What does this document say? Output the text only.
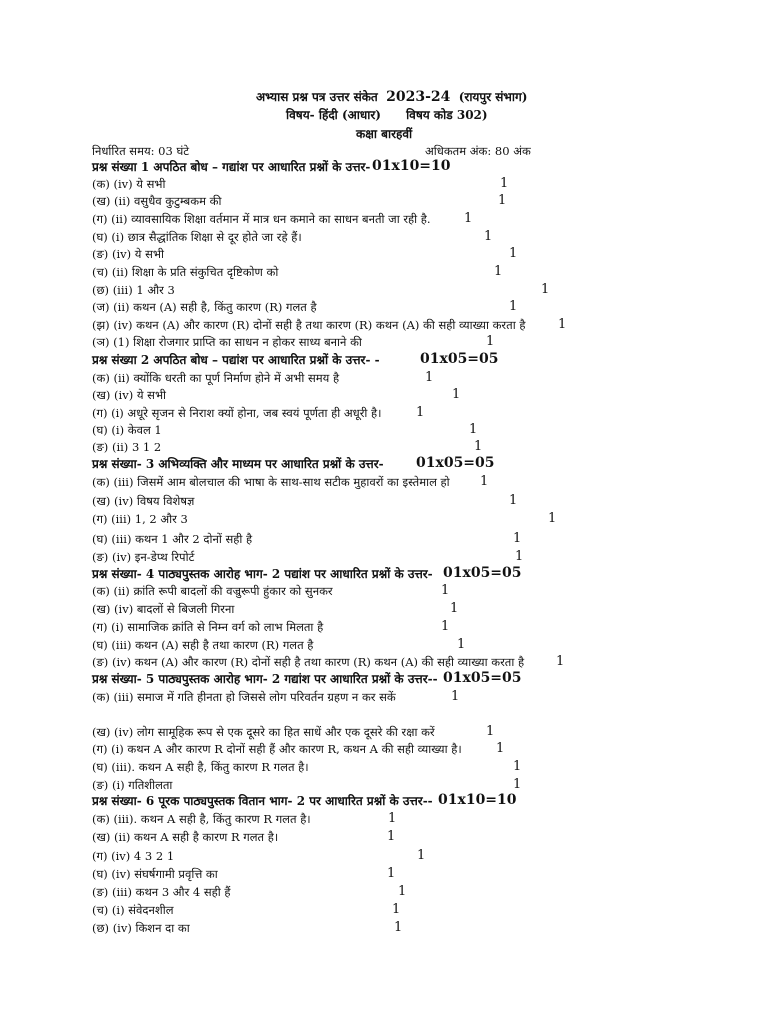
अभ्यास प्रश्न पत्र उत्तर संकेत 2023-24 (रायपुर संभाग)
विषय- हिंदी (आधार) विषय कोड 302)
कक्षा बारहवीं
निर्धारित समय: 03 घंटे	अधिकतम अंक: 80 अंक
प्रश्न संख्या 1 अपठित बोध – गद्यांश पर आधारित प्रश्नों के उत्तर- 01x10=10
(क) (iv) ये सभी	1
(ख) (ii) वसुधैव कुटुम्बकम की	1
(ग) (ii) व्यावसायिक शिक्षा वर्तमान में मात्र धन कमाने का साधन बनती जा रही है.	1
(घ) (i) छात्र सैद्धांतिक शिक्षा से दूर होते जा रहे हैं।	1
(ङ) (iv) ये सभी	1
(च) (ii) शिक्षा के प्रति संकुचित दृष्टिकोण को	1
(छ) (iii) 1 और 3	1
(ज) (ii) कथन (A) सही है, किंतु कारण (R) गलत है	1
(झ) (iv) कथन (A) और कारण (R) दोनों सही है तथा कारण (R) कथन (A) की सही व्याख्या करता है	1
(ञ) (1) शिक्षा रोजगार प्राप्ति का साधन न होकर साध्य बनाने की	1
प्रश्न संख्या 2 अपठित बोध – पद्यांश पर आधारित प्रश्नों के उत्तर- -	01x05=05
(क) (ii) क्योंकि धरती का पूर्ण निर्माण होने में अभी समय है	1
(ख) (iv) ये सभी	1
(ग) (i) अधूरे सृजन से निराश क्यों होना, जब स्वयं पूर्णता ही अधूरी है।	1
(घ) (i) केवल 1	1
(ङ) (ii) 3 1 2	1
प्रश्न संख्या- 3 अभिव्यक्ति और माध्यम पर आधारित प्रश्नों के उत्तर- 01x05=05
(क) (iii) जिसमें आम बोलचाल की भाषा के साथ-साथ सटीक मुहावरों का इस्तेमाल हो 1
(ख) (iv) विषय विशेषज्ञ	1
(ग) (iii) 1, 2 और 3	1
(घ) (iii) कथन 1 और 2 दोनों सही है	1
(ङ) (iv) इन-डेप्थ रिपोर्ट	1
प्रश्न संख्या- 4 पाठ्यपुस्तक आरोह भाग- 2 पद्यांश पर आधारित प्रश्नों के उत्तर- 01x05=05
(क) (ii) क्रांति रूपी बादलों की वज्रुरूपी हुंकार को सुनकर	1
(ख) (iv) बादलों से बिजली गिरना	1
(ग) (i) सामाजिक क्रांति से निम्न वर्ग को लाभ मिलता है	1
(घ) (iii) कथन (A) सही है तथा कारण (R) गलत है	1
(ङ) (iv) कथन (A) और कारण (R) दोनों सही है तथा कारण (R) कथन (A) की सही व्याख्या करता है 1
प्रश्न संख्या- 5 पाठ्यपुस्तक आरोह भाग- 2 गद्यांश पर आधारित प्रश्नों के उत्तर-- 01x05=05
(क) (iii) समाज में गति हीनता हो जिससे लोग परिवर्तन ग्रहण न कर सकें	1
(ख) (iv) लोग सामूहिक रूप से एक दूसरे का हित साधें और एक दूसरे की रक्षा करें	1
(ग) (i) कथन A और कारण R दोनों सही हैं और कारण R, कथन A की सही व्याख्या है।	1
(घ) (iii). कथन A सही है, किंतु कारण R गलत है।	1
(ङ) (i) गतिशीलता	1
प्रश्न संख्या- 6 पूरक पाठ्यपुस्तक वितान भाग- 2 पर आधारित प्रश्नों के उत्तर-- 01x10=10
(क) (iii). कथन A सही है, किंतु कारण R गलत है।	1
(ख) (ii) कथन A सही है कारण R गलत है।	1
(ग) (iv) 4 3 2 1	1
(घ) (iv) संघर्षगामी प्रवृत्ति का	1
(ङ) (iii) कथन 3 और 4 सही हैं	1
(च) (i) संवेदनशील	1
(छ) (iv) किशन दा का	1
